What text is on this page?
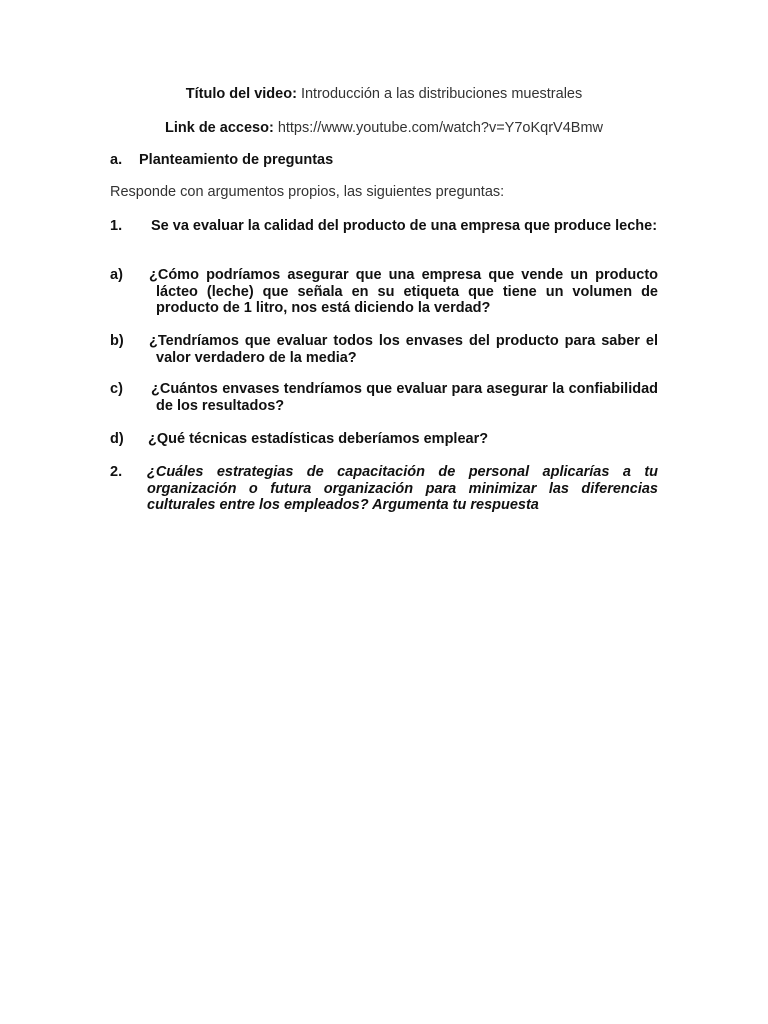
Título del video: Introducción a las distribuciones muestrales
Link de acceso: https://www.youtube.com/watch?v=Y7oKqrV4Bmw
a. Planteamiento de preguntas
Responde con argumentos propios, las siguientes preguntas:
1. Se va evaluar la calidad del producto de una empresa que produce leche:
a) ¿Cómo podríamos asegurar que una empresa que vende un producto lácteo (leche) que señala en su etiqueta que tiene un volumen de producto de 1 litro, nos está diciendo la verdad?
b) ¿Tendríamos que evaluar todos los envases del producto para saber el valor verdadero de la media?
c) ¿Cuántos envases tendríamos que evaluar para asegurar la confiabilidad de los resultados?
d) ¿Qué técnicas estadísticas deberíamos emplear?
2. ¿Cuáles estrategias de capacitación de personal aplicarías a tu organización o futura organización para minimizar las diferencias culturales entre los empleados? Argumenta tu respuesta
